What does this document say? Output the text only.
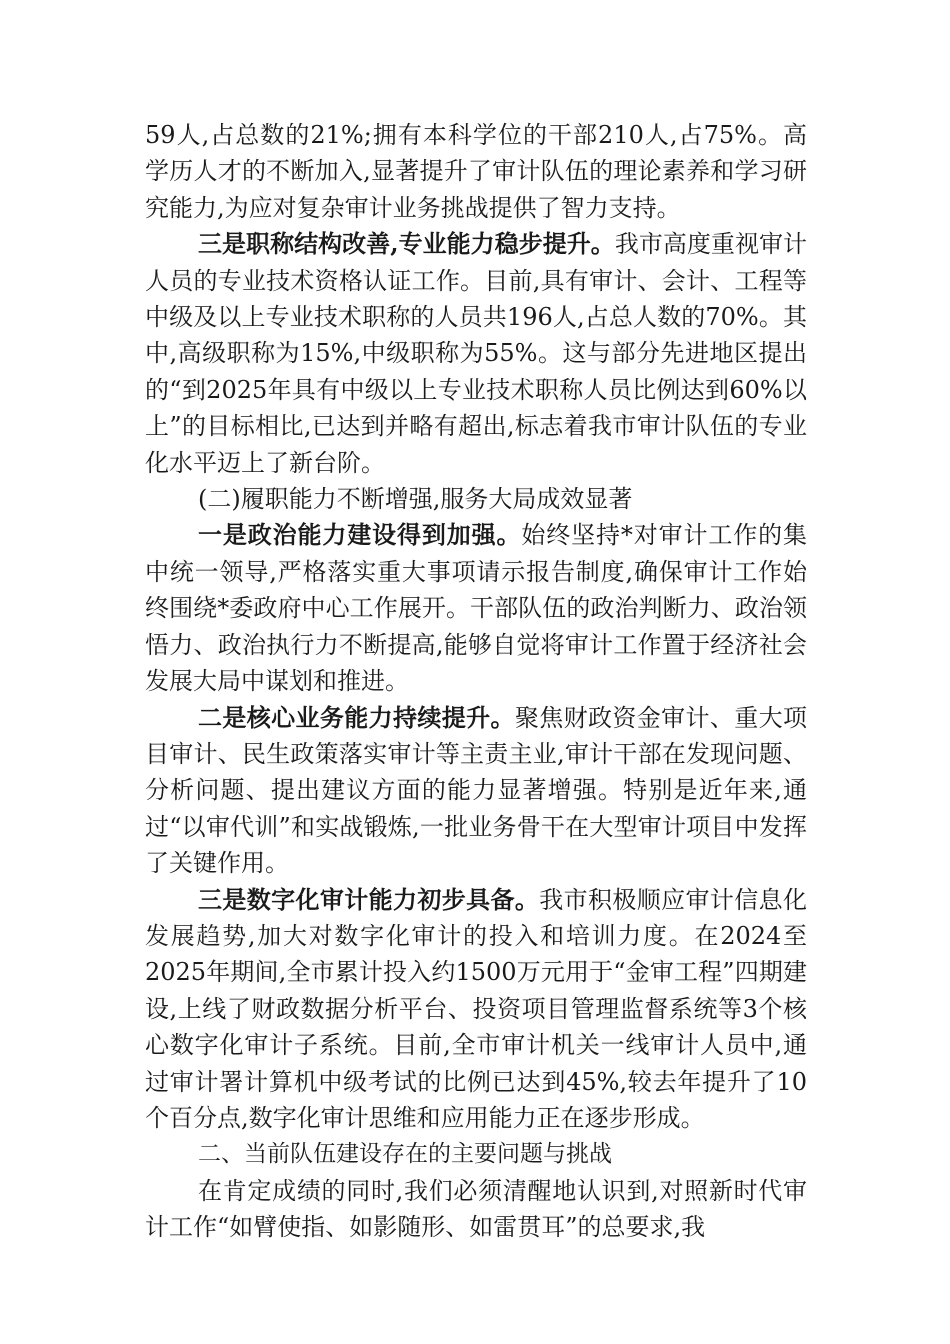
59人,占总数的21%;拥有本科学位的干部210人,占75%。高学历人才的不断加入,显著提升了审计队伍的理论素养和学习研究能力,为应对复杂审计业务挑战提供了智力支持。

三是职称结构改善,专业能力稳步提升。我市高度重视审计人员的专业技术资格认证工作。目前,具有审计、会计、工程等中级及以上专业技术职称的人员共196人,占总人数的70%。其中,高级职称为15%,中级职称为55%。这与部分先进地区提出的“到2025年具有中级以上专业技术职称人员比例达到60%以上”的目标相比,已达到并略有超出,标志着我市审计队伍的专业化水平迈上了新台阶。

(二)履职能力不断增强,服务大局成效显著

一是政治能力建设得到加强。始终坚持*对审计工作的集中统一领导,严格落实重大事项请示报告制度,确保审计工作始终围绕*委政府中心工作展开。干部队伍的政治判断力、政治领悟力、政治执行力不断提高,能够自觉将审计工作置于经济社会发展大局中谋划和推进。

二是核心业务能力持续提升。聚焦财政资金审计、重大项目审计、民生政策落实审计等主责主业,审计干部在发现问题、分析问题、提出建议方面的能力显著增强。特别是近年来,通过“以审代训”和实战锻炼,一批业务骨干在大型审计项目中发挥了关键作用。

三是数字化审计能力初步具备。我市积极顺应审计信息化发展趋势,加大对数字化审计的投入和培训力度。在2024至2025年期间,全市累计投入约1500万元用于“金审工程”四期建设,上线了财政数据分析平台、投资项目管理监督系统等3个核心数字化审计子系统。目前,全市审计机关一线审计人员中,通过审计署计算机中级考试的比例已达到45%,较去年提升了10个百分点,数字化审计思维和应用能力正在逐步形成。

二、当前队伍建设存在的主要问题与挑战

在肯定成绩的同时,我们必须清醒地认识到,对照新时代审计工作“如臂使指、如影随形、如雷贯耳”的总要求,我
